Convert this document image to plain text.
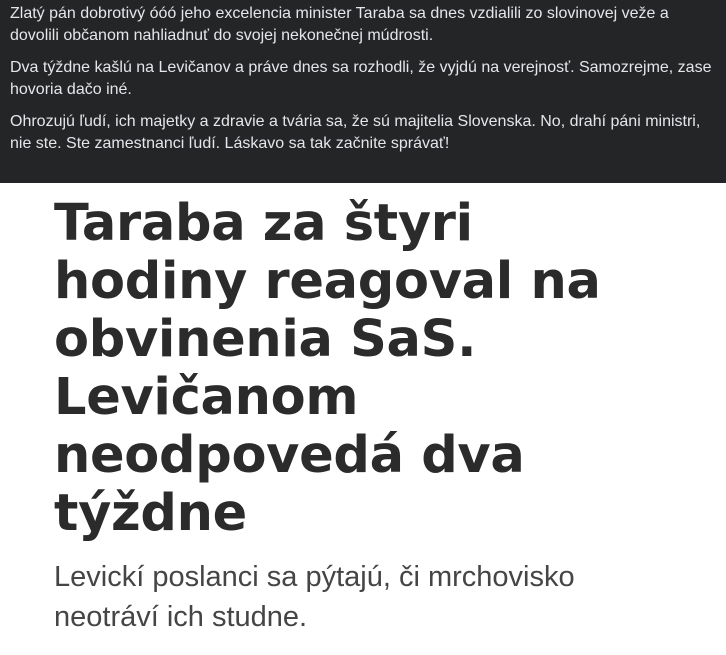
Zlatý pán dobrotivý óóó jeho excelencia minister Taraba sa dnes vzdialili zo slovinovej veže a dovolili občanom nahliadnuť do svojej nekonečnej múdrosti.

Dva týždne kašlú na Levičanov a práve dnes sa rozhodli, že vyjdú na verejnosť. Samozrejme, zase hovoria dačo iné.

Ohrozujú ľudí, ich majetky a zdravie a tvária sa, že sú majitelia Slovenska. No, drahí páni ministri, nie ste. Ste zamestnanci ľudí. Láskavo sa tak začnite správať!

Taraba za štyri hodiny reagoval na obvinenia SaS. Levičanom neodpovedá dva týždne

Levickí poslanci sa pýtajú, či mrchovisko neotráví ich studne.
